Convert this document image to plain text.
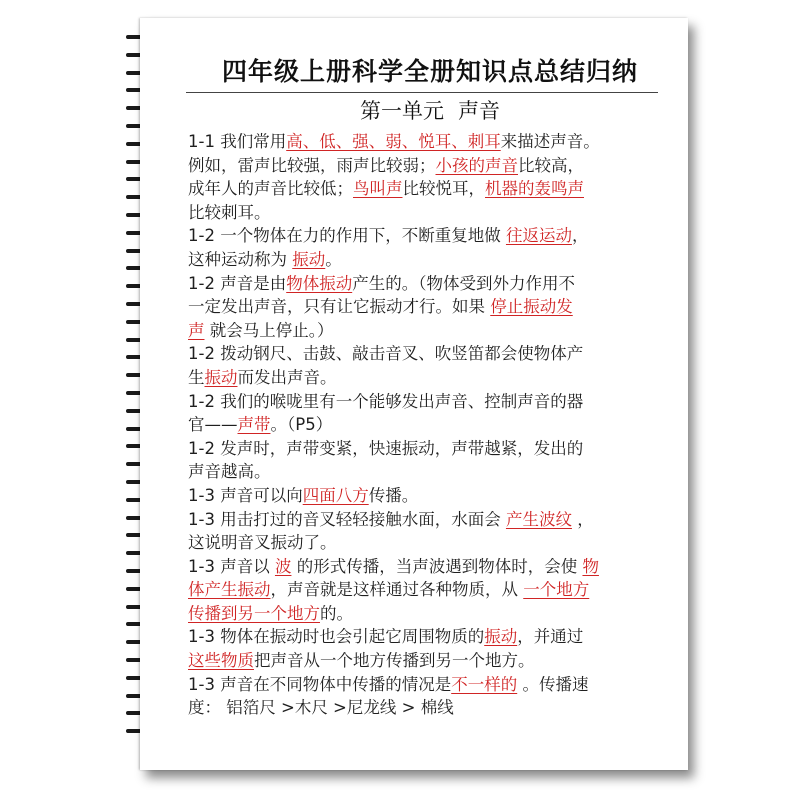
四年级上册科学全册知识点总结归纳
第一单元 声音
1-1 我们常用高、低、强、弱、悦耳、刺耳来描述声音。
例如，雷声比较强，雨声比较弱；小孩的声音比较高，
成年人的声音比较低；鸟叫声比较悦耳，机器的轰鸣声
比较刺耳。
1-2 一个物体在力的作用下，不断重复地做 往返运动，
这种运动称为 振动。
1-2 声音是由物体振动产生的。（物体受到外力作用不
一定发出声音，只有让它振动才行。如果 停止振动发
声 就会马上停止。）
1-2 拨动钢尺、击鼓、敲击音叉、吹竖笛都会使物体产
生振动而发出声音。
1-2 我们的喉咙里有一个能够发出声音、控制声音的器
官——声带。（P5）
1-2 发声时，声带变紧，快速振动，声带越紧，发出的
声音越高。
1-3 声音可以向四面八方传播。
1-3 用击打过的音叉轻轻接触水面，水面会 产生波纹 ，
这说明音叉振动了。
1-3 声音以 波 的形式传播，当声波遇到物体时，会使 物
体产生振动，声音就是这样通过各种物质，从 一个地方
传播到另一个地方的。
1-3 物体在振动时也会引起它周围物质的振动，并通过
这些物质把声音从一个地方传播到另一个地方。
1-3 声音在不同物体中传播的情况是不一样的 。传播速
度： 铝箔尺 >木尺 >尼龙线 > 棉线
